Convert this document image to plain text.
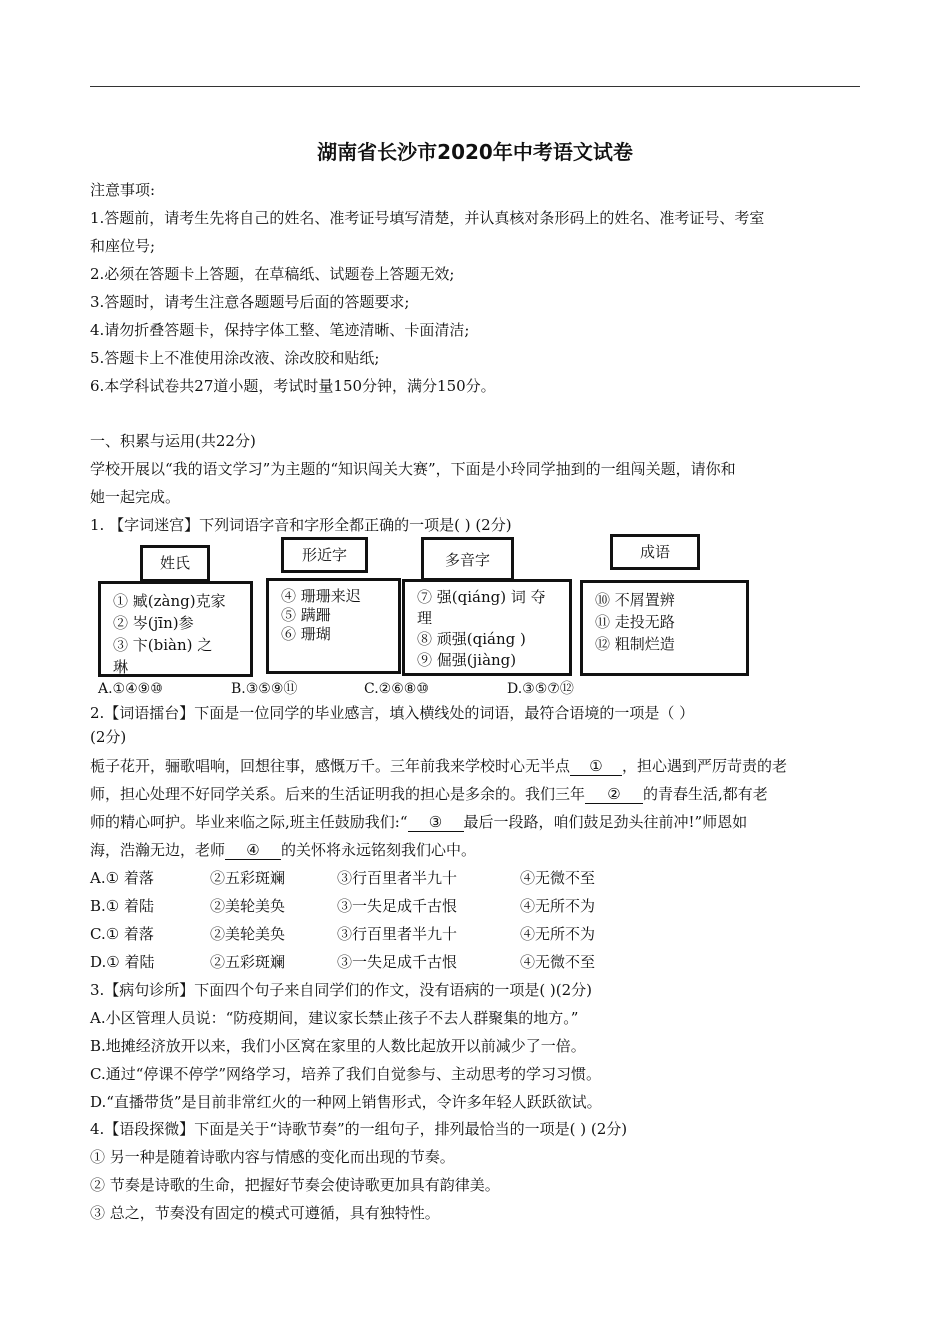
湖南省长沙市2020年中考语文试卷
注意事项:
1.答题前，请考生先将自己的姓名、准考证号填写清楚，并认真核对条形码上的姓名、准考证号、考室
和座位号;
2.必须在答题卡上答题，在草稿纸、试题卷上答题无效;
3.答题时，请考生注意各题题号后面的答题要求;
4.请勿折叠答题卡，保持字体工整、笔迹清晰、卡面清洁;
5.答题卡上不准使用涂改液、涂改胶和贴纸;
6.本学科试卷共27道小题，考试时量150分钟，满分150分。
一、积累与运用(共22分)
学校开展以“我的语文学习”为主题的“知识闯关大赛”，下面是小玲同学抽到的一组闯关题，请你和
她一起完成。
1. 【字词迷宫】下列词语字音和字形全都正确的一项是( ) (2分)
① 臧(zàng)克家
② 岑(jīn)参
③ 卞(biàn) 之
琳
姓氏
④ 珊珊来迟
⑤ 蹒跚
⑥ 珊瑚
形近字
⑦ 强(qiáng) 词 夺
理
⑧ 顽强(qiáng )
⑨ 倔强(jiàng)
多音字
⑩ 不屑置辨
⑪ 走投无路
⑫ 粗制烂造
成语
A.①④⑨⑩	B.③⑤⑨⑪	C.②⑥⑧⑩	D.③⑤⑦⑫
2.【词语擂台】下面是一位同学的毕业感言，填入横线处的词语，最符合语境的一项是（ ）
(2分)
栀子花开，骊歌唱响，回想往事，感慨万千。三年前我来学校时心无半点 ① ，担心遇到严厉苛责的老
师，担心处理不好同学关系。后来的生活证明我的担心是多余的。我们三年 ② 的青春生活,都有老
师的精心呵护。毕业来临之际,班主任鼓励我们:“ ③ 最后一段路，咱们鼓足劲头往前冲!”师恩如
海，浩瀚无边，老师 ④ 的关怀将永远铭刻我们心中。
A.① 着落	②五彩斑斓	③行百里者半九十	④无微不至
B.① 着陆	②美轮美奂	③一失足成千古恨	④无所不为
C.① 着落	②美轮美奂	③行百里者半九十	④无所不为
D.① 着陆	②五彩斑斓	③一失足成千古恨	④无微不至
3.【病句诊所】下面四个句子来自同学们的作文，没有语病的一项是( )(2分)
A.小区管理人员说：“防疫期间，建议家长禁止孩子不去人群聚集的地方。”
B.地摊经济放开以来，我们小区窝在家里的人数比起放开以前减少了一倍。
C.通过“停课不停学”网络学习，培养了我们自觉参与、主动思考的学习习惯。
D.“直播带货”是目前非常红火的一种网上销售形式，令许多年轻人跃跃欲试。
4.【语段探微】下面是关于“诗歌节奏”的一组句子，排列最恰当的一项是( ) (2分)
① 另一种是随着诗歌内容与情感的变化而出现的节奏。
② 节奏是诗歌的生命，把握好节奏会使诗歌更加具有韵律美。
③ 总之，节奏没有固定的模式可遵循，具有独特性。
